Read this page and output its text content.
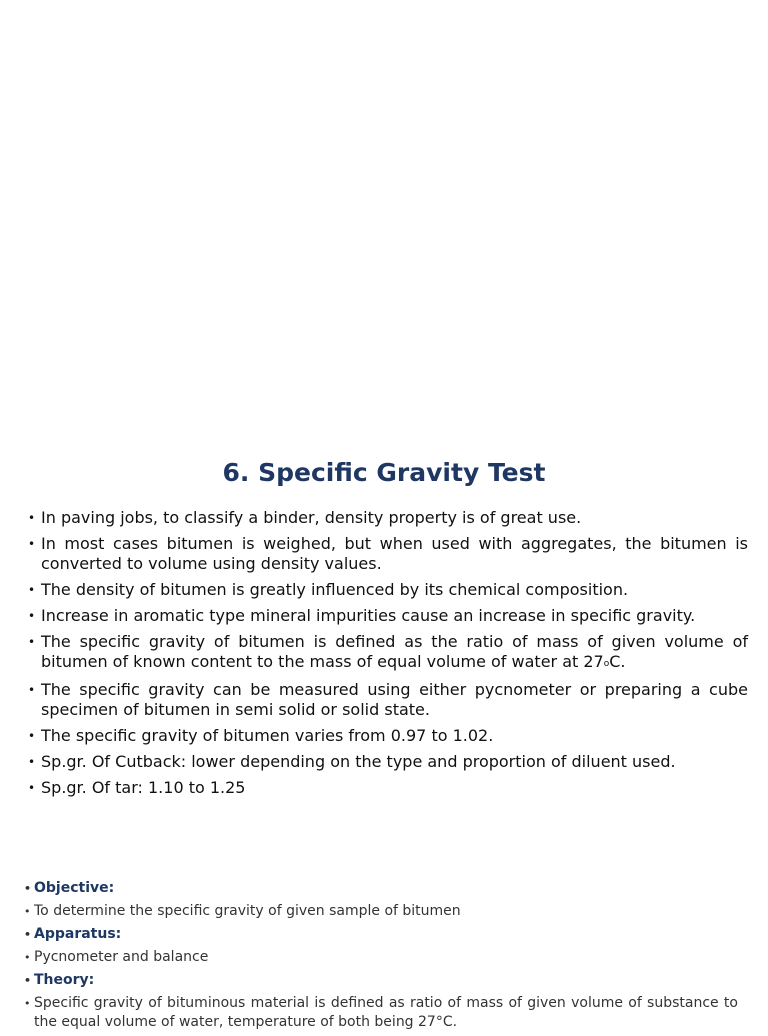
6. Specific Gravity Test
• In paving jobs, to classify a binder, density property is of great use.
• In most cases bitumen is weighed, but when used with aggregates, the bitumen is converted to volume using density values.
• The density of bitumen is greatly influenced by its chemical composition.
• Increase in aromatic type mineral impurities cause an increase in specific gravity.
• The specific gravity of bitumen is defined as the ratio of mass of given volume of bitumen of known content to the mass of equal volume of water at 27oC.
• The specific gravity can be measured using either pycnometer or preparing a cube specimen of bitumen in semi solid or solid state.
• The specific gravity of bitumen varies from 0.97 to 1.02.
• Sp.gr. Of Cutback: lower depending on the type and proportion of diluent used.
• Sp.gr. Of tar: 1.10 to 1.25
• Objective:
• To determine the specific gravity of given sample of bitumen
• Apparatus:
• Pycnometer and balance
• Theory:
• Specific gravity of bituminous material is defined as ratio of mass of given volume of substance to the equal volume of water, temperature of both being 27°C.
